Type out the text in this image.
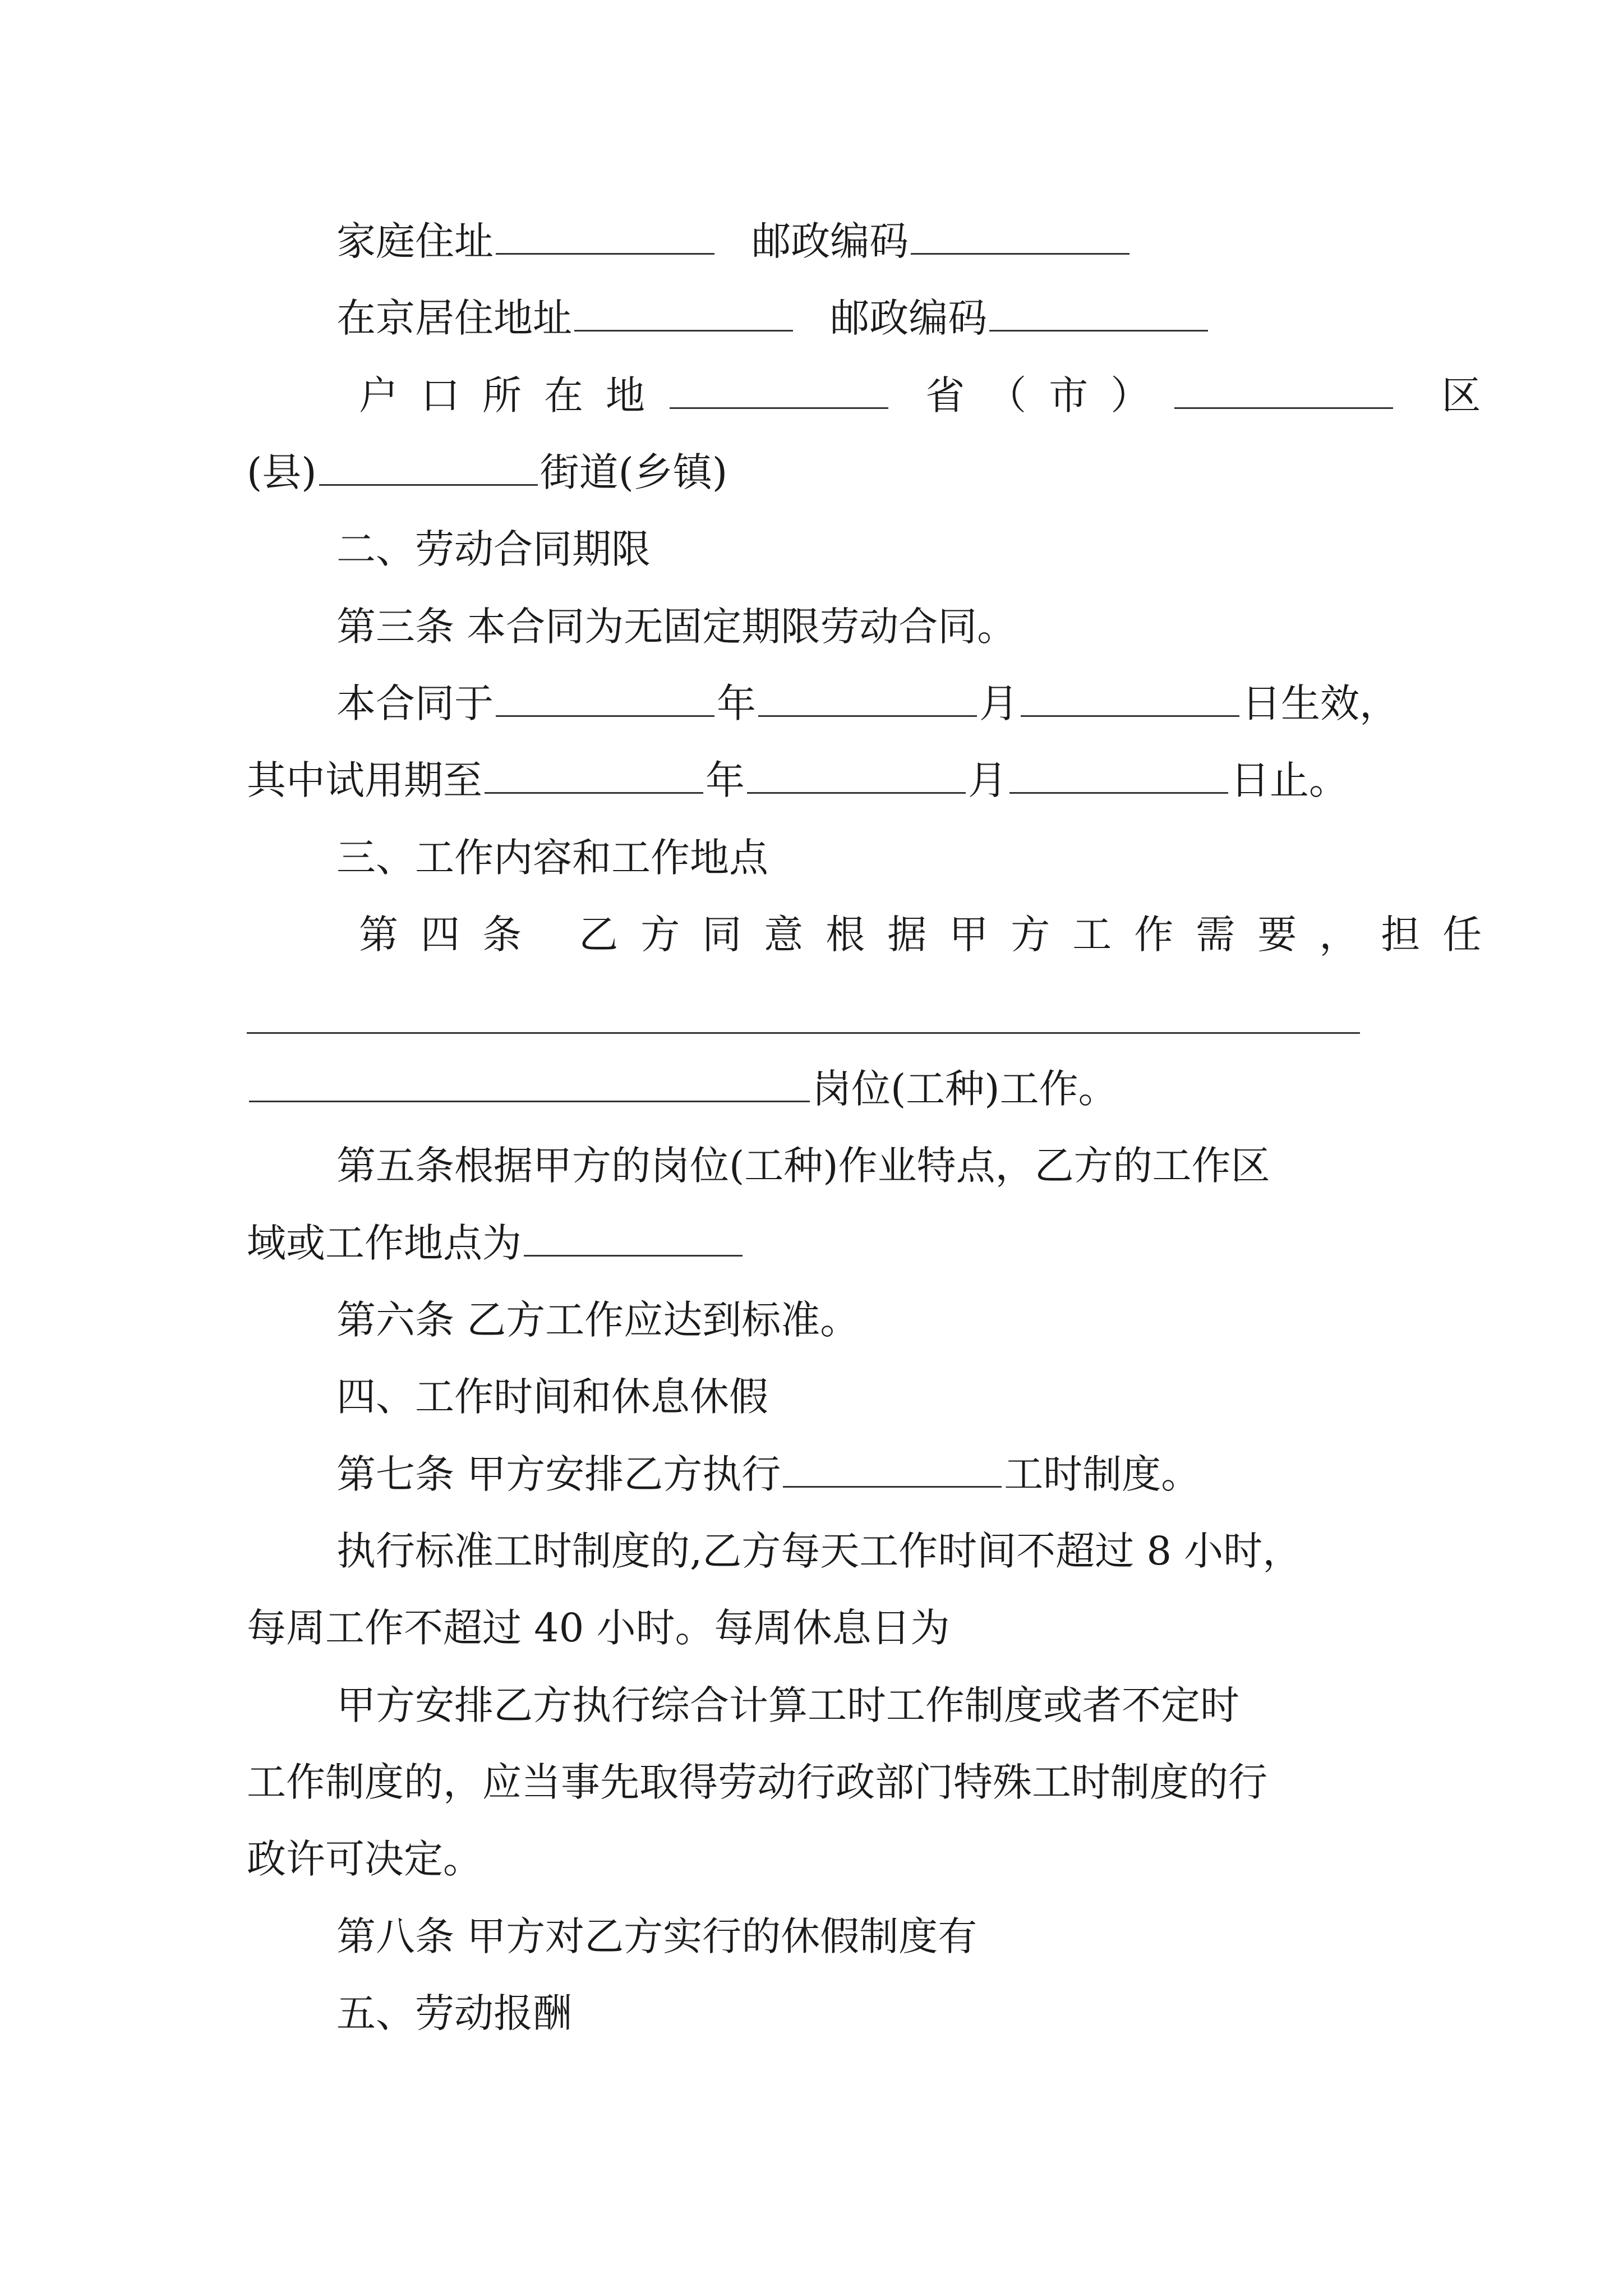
家庭住址	邮政编码
在京居住地址	邮政编码
户口所在地	省（市）	区
(县)	街道(乡镇)
二、劳动合同期限
第三条 本合同为无固定期限劳动合同。
本合同于	年	月	日生效，
其中试用期至	年	月	日止。
三、工作内容和工作地点
第四条 乙方同意根据甲方工作需要，担任
岗位(工种)工作。
第五条根据甲方的岗位(工种)作业特点，乙方的工作区
域或工作地点为
第六条 乙方工作应达到标准。
四、工作时间和休息休假
第七条 甲方安排乙方执行	工时制度。
执行标准工时制度的,乙方每天工作时间不超过 8 小时，
每周工作不超过 40 小时。每周休息日为
甲方安排乙方执行综合计算工时工作制度或者不定时
工作制度的，应当事先取得劳动行政部门特殊工时制度的行
政许可决定。
第八条 甲方对乙方实行的休假制度有
五、劳动报酬
